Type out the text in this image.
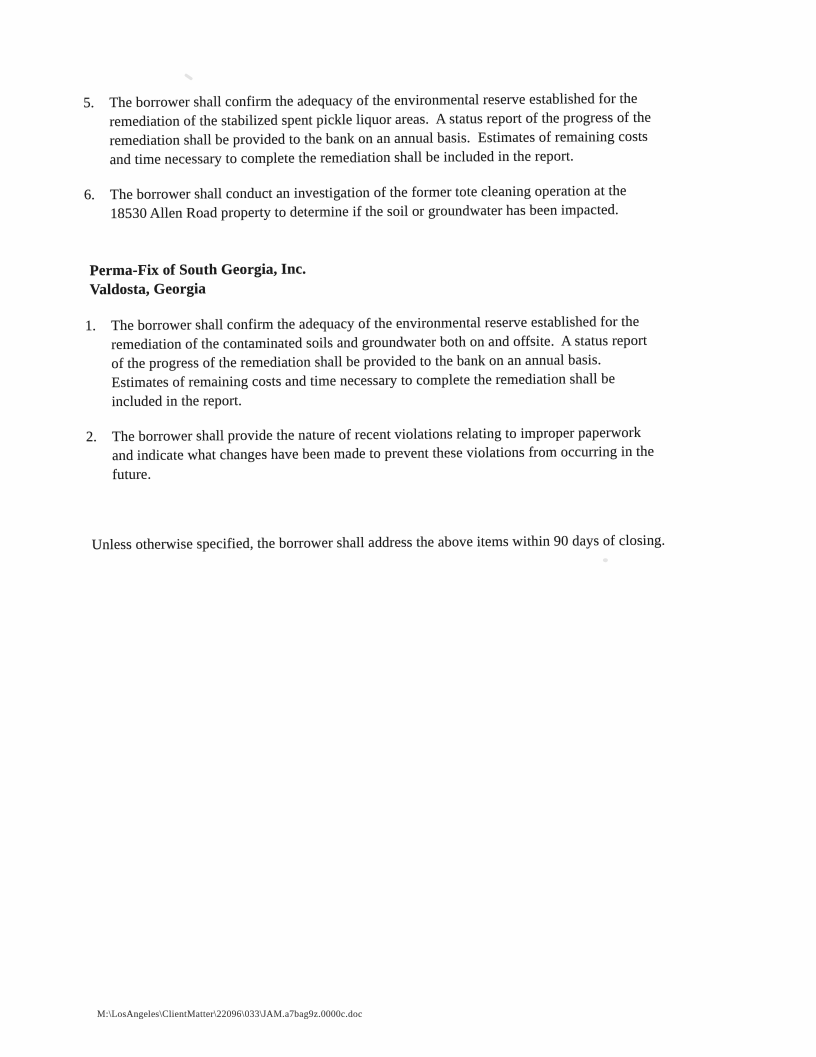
5.	The borrower shall confirm the adequacy of the environmental reserve established for the
remediation of the stabilized spent pickle liquor areas.  A status report of the progress of the
remediation shall be provided to the bank on an annual basis.  Estimates of remaining costs
and time necessary to complete the remediation shall be included in the report.
6.	The borrower shall conduct an investigation of the former tote cleaning operation at the
18530 Allen Road property to determine if the soil or groundwater has been impacted.
Perma-Fix of South Georgia, Inc.
Valdosta, Georgia
1.	The borrower shall confirm the adequacy of the environmental reserve established for the
remediation of the contaminated soils and groundwater both on and offsite.  A status report
of the progress of the remediation shall be provided to the bank on an annual basis.
Estimates of remaining costs and time necessary to complete the remediation shall be
included in the report.
2.	The borrower shall provide the nature of recent violations relating to improper paperwork
and indicate what changes have been made to prevent these violations from occurring in the
future.
Unless otherwise specified, the borrower shall address the above items within 90 days of closing.
M:\LosAngeles\ClientMatter\22096\033\JAM.a7bag9z.0000c.doc
